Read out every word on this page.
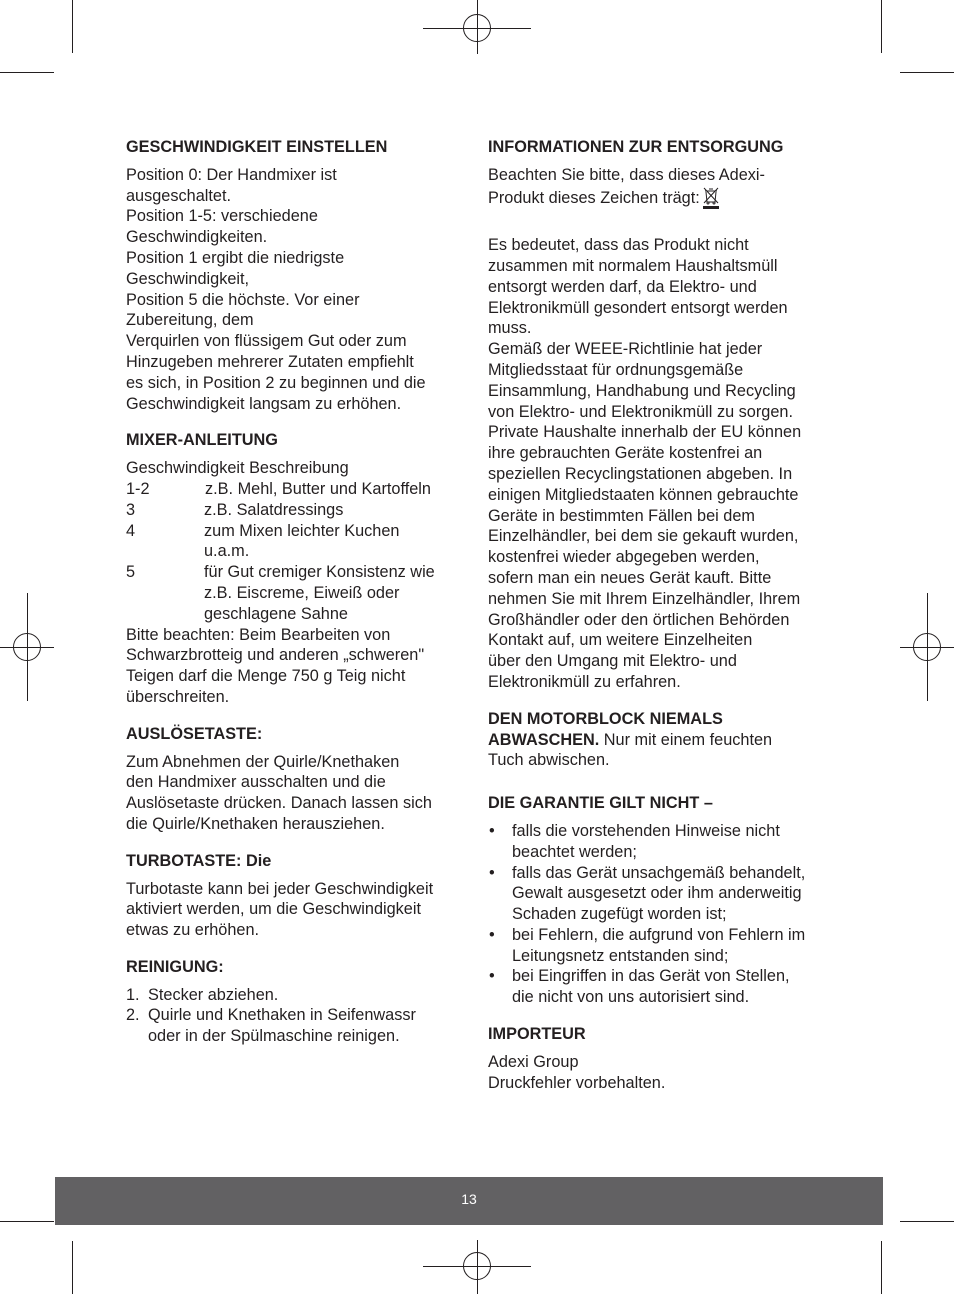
GESCHWINDIGKEIT EINSTELLEN
Position 0: Der Handmixer ist
ausgeschaltet.
Position 1-5: verschiedene
Geschwindigkeiten.
Position 1 ergibt die niedrigste
Geschwindigkeit,
Position 5 die höchste. Vor einer
Zubereitung, dem
Verquirlen von flüssigem Gut oder zum
Hinzugeben mehrerer Zutaten empfiehlt
es sich, in Position 2 zu beginnen und die
Geschwindigkeit langsam zu erhöhen.
MIXER-ANLEITUNG
Geschwindigkeit Beschreibung
1-2	z.B. Mehl, Butter und Kartoffeln
3	z.B. Salatdressings
4	zum Mixen leichter Kuchen
u.a.m.
5	für Gut cremiger Konsistenz wie
z.B. Eiscreme, Eiweiß oder
geschlagene Sahne
Bitte beachten: Beim Bearbeiten von
Schwarzbrotteig und anderen „schweren"
Teigen darf die Menge 750 g Teig nicht
überschreiten.
AUSLÖSETASTE:
Zum Abnehmen der Quirle/Knethaken
den Handmixer ausschalten und die
Auslösetaste drücken. Danach lassen sich
die Quirle/Knethaken herausziehen.
TURBOTASTE: Die
Turbotaste kann bei jeder Geschwindigkeit
aktiviert werden, um die Geschwindigkeit
etwas zu erhöhen.
REINIGUNG:
1. Stecker abziehen.
2. Quirle und Knethaken in Seifenwassr
oder in der Spülmaschine reinigen.
INFORMATIONEN ZUR ENTSORGUNG
Beachten Sie bitte, dass dieses Adexi-
Produkt dieses Zeichen trägt:
Es bedeutet, dass das Produkt nicht
zusammen mit normalem Haushaltsmüll
entsorgt werden darf, da Elektro- und
Elektronikmüll gesondert entsorgt werden
muss.
Gemäß der WEEE-Richtlinie hat jeder
Mitgliedsstaat für ordnungsgemäße
Einsammlung, Handhabung und Recycling
von Elektro- und Elektronikmüll zu sorgen.
Private Haushalte innerhalb der EU können
ihre gebrauchten Geräte kostenfrei an
speziellen Recyclingstationen abgeben. In
einigen Mitgliedstaaten können gebrauchte
Geräte in bestimmten Fällen bei dem
Einzelhändler, bei dem sie gekauft wurden,
kostenfrei wieder abgegeben werden,
sofern man ein neues Gerät kauft. Bitte
nehmen Sie mit Ihrem Einzelhändler, Ihrem
Großhändler oder den örtlichen Behörden
Kontakt auf, um weitere Einzelheiten
über den Umgang mit Elektro- und
Elektronikmüll zu erfahren.
DEN MOTORBLOCK NIEMALS
ABWASCHEN. Nur mit einem feuchten
Tuch abwischen.
DIE GARANTIE GILT NICHT –
• falls die vorstehenden Hinweise nicht
beachtet werden;
• falls das Gerät unsachgemäß behandelt,
Gewalt ausgesetzt oder ihm anderweitig
Schaden zugefügt worden ist;
• bei Fehlern, die aufgrund von Fehlern im
Leitungsnetz entstanden sind;
• bei Eingriffen in das Gerät von Stellen,
die nicht von uns autorisiert sind.
IMPORTEUR
Adexi Group
Druckfehler vorbehalten.
13
